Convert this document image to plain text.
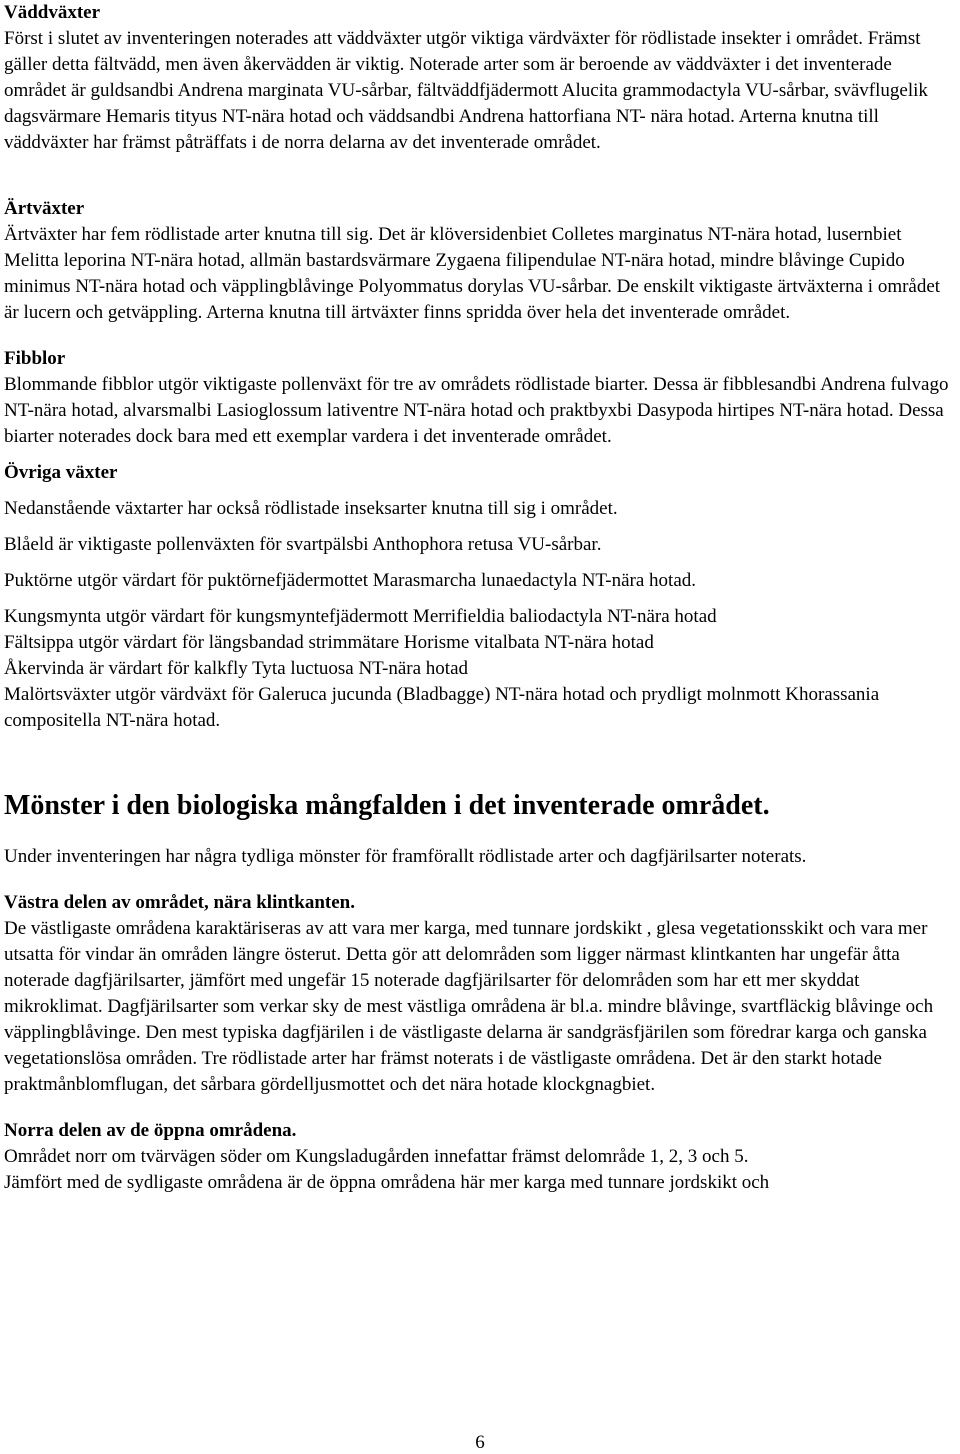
Väddväxter

Först i slutet av inventeringen noterades att väddväxter utgör viktiga värdväxter för rödlistade insekter i området. Främst gäller detta fältvädd, men även åkervädden är viktig. Noterade arter som är beroende av väddväxter i det inventerade området är guldsandbi Andrena marginata VU-sårbar, fältväddfjädermott Alucita grammodactyla VU-sårbar, svävflugelik dagsvärmare Hemaris tityus NT-nära hotad och väddsandbi Andrena hattorfiana NT- nära hotad. Arterna knutna till väddväxter har främst påträffats i de norra delarna av det inventerade området.

Ärtväxter

Ärtväxter har fem rödlistade arter knutna till sig. Det är klöversidenbiet Colletes marginatus NT-nära hotad, lusernbiet Melitta leporina NT-nära hotad, allmän bastardsvärmare Zygaena filipendulae NT-nära hotad, mindre blåvinge Cupido minimus NT-nära hotad och väpplingblåvinge Polyommatus dorylas VU-sårbar. De enskilt viktigaste ärtväxterna i området är lucern och getväppling. Arterna knutna till ärtväxter finns spridda över hela det inventerade området.

Fibblor

Blommande fibblor utgör viktigaste pollenväxt för tre av områdets rödlistade biarter. Dessa är fibblesandbi Andrena fulvago NT-nära hotad, alvarsmalbi Lasioglossum lativentre NT-nära hotad och praktbyxbi Dasypoda hirtipes NT-nära hotad. Dessa biarter noterades dock bara med ett exemplar vardera i det inventerade området.

Övriga växter

Nedanstående växtarter har också rödlistade inseksarter knutna till sig i området.

Blåeld är viktigaste pollenväxten för svartpälsbi Anthophora retusa VU-sårbar.

Puktörne utgör värdart för puktörnefjädermottet Marasmarcha lunaedactyla NT-nära hotad.

Kungsmynta utgör värdart för kungsmyntefjädermott Merrifieldia baliodactyla NT-nära hotad

Fältsippa utgör värdart för längsbandad strimmätare Horisme vitalbata NT-nära hotad

Åkervinda är värdart för kalkfly Tyta luctuosa NT-nära hotad

Malörtsväxter utgör värdväxt för Galeruca jucunda (Bladbagge) NT-nära hotad och prydligt molnmott Khorassania compositella NT-nära hotad.

Mönster i den biologiska mångfalden i det inventerade området.

Under inventeringen har några tydliga mönster för framförallt rödlistade arter och dagfjärilsarter noterats.

Västra delen av området, nära klintkanten.

De västligaste områdena karaktäriseras av att vara mer karga, med tunnare jordskikt , glesa vegetationsskikt och vara mer utsatta för vindar än områden längre österut. Detta gör att delområden som ligger närmast klintkanten har ungefär åtta noterade dagfjärilsarter, jämfört med ungefär 15 noterade dagfjärilsarter för delområden som har ett mer skyddat mikroklimat. Dagfjärilsarter som verkar sky de mest västliga områdena är bl.a. mindre blåvinge, svartfläckig blåvinge och väpplingblåvinge. Den mest typiska dagfjärilen i de västligaste delarna är sandgräsfjärilen som föredrar karga och ganska vegetationslösa områden. Tre rödlistade arter har främst noterats i de västligaste områdena. Det är den starkt hotade praktmånblomflugan, det sårbara gördelljusmottet och det nära hotade klockgnagbiet.

Norra delen av de öppna områdena.

Området norr om tvärvägen söder om Kungsladugården innefattar främst delområde 1, 2, 3 och 5.

Jämfört med de sydligaste områdena är de öppna områdena här mer karga med tunnare jordskikt och

6
